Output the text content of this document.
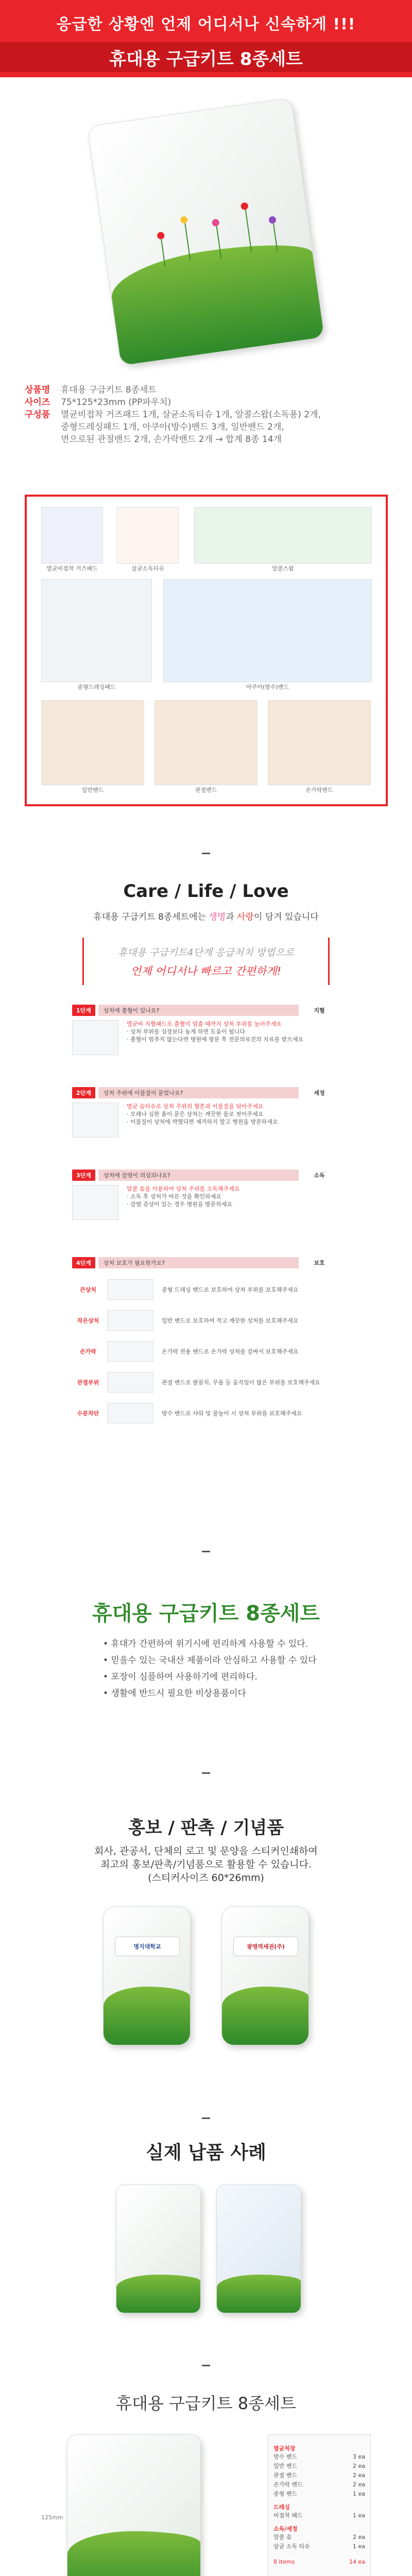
응급한 상황엔 언제 어디서나 신속하게 !!!
휴대용 구급키트 8종세트
상품명	휴대용 구급키트 8종세트
사이즈	75*125*23mm (PP파우치)
구성품	멸균비접착 거즈패드 1개, 살균소독티슈 1개, 알콜스왑(소독용) 2개,
중형드레싱패드 1개, 아쿠아(방수)밴드 3개, 일반밴드 2개,
면으로된 관절밴드 2개, 손가락밴드 2개 → 합계 8종 14개
멸균비접착 거즈패드	살균소독티슈	알콜스왑
중형드레싱패드	아쿠아(방수)밴드
일반밴드	관절밴드	손가락밴드
Care / Life / Love
휴대용 구급키트 8종세트에는 생명과 사랑이 담겨 있습니다
휴대용 구급키트4단계 응급처치 방법으로
언제 어디서나 빠르고 간편하게!
1단계	상처에 출혈이 있나요?	지혈
멸균비 지혈패드로 출혈이 멈출 때까지 상처 부위를 눌러주세요
· 상처 부위를 심장보다 높게 하면 도움이 됩니다
· 출혈이 멈추지 않는다면 병원에 방문 후 전문의료진의 치료를 받으세요
2단계	상처 주위에 이물질이 묻었나요?	세정
멸균 솜티슈로 상처 주위의 혈흔과 이물질을 닦아주세요
· 모래나 심한 흙이 묻은 상처는 깨끗한 물로 씻어주세요
· 이물질이 상처에 박혔다면 제거하지 말고 병원을 방문하세요
3단계	상처에 감염이 의심되나요?	소독
알콜 솜을 이용하여 상처 주위를 소독해주세요
· 소독 후 상처가 마른 것을 확인하세요
· 감염 증상이 있는 경우 병원을 방문하세요
4단계	상처 보호가 필요한가요?	보호
큰상처	중형 드레싱 밴드로 보호하여 상처 부위를 보호해주세요
작은상처	일반 밴드로 보호하여 작고 깨끗한 상처를 보호해주세요
손가락	손가락 전용 밴드로 손가락 상처를 감싸서 보호해주세요
관절부위	관절 밴드로 팔꿈치, 무릎 등 움직임이 많은 부위를 보호해주세요
수분차단	방수 밴드로 샤워 및 물놀이 시 상처 부위를 보호해주세요
휴대용 구급키트 8종세트
• 휴대가 간편하여 위기시에 편리하게 사용할 수 있다.
• 믿을수 있는 국내산 제품이라 안심하고 사용할 수 있다
• 포장이 심플하여 사용하기에 편리하다.
• 생활에 반드시 필요한 비상용품이다
홍보 / 판촉 / 기념품
회사, 관공서, 단체의 로고 및 문양을 스티커인쇄하여
최고의 홍보/판촉/기념품으로 활용할 수 있습니다.
(스티커사이즈 60*26mm)
명지대학교	광명역세권(주)
실제 납품 사례
휴대용 구급키트 8종세트
125mm
멸균처장
방수 밴드	3 ea
일반 밴드	2 ea
관절 밴드	2 ea
손가락 밴드	2 ea
중형 밴드	1 ea
드레싱
비접착 패드	1 ea
소독/세정
알콜 솜	2 ea
살균 소독 티슈	1 ea
8 Items	14 ea
